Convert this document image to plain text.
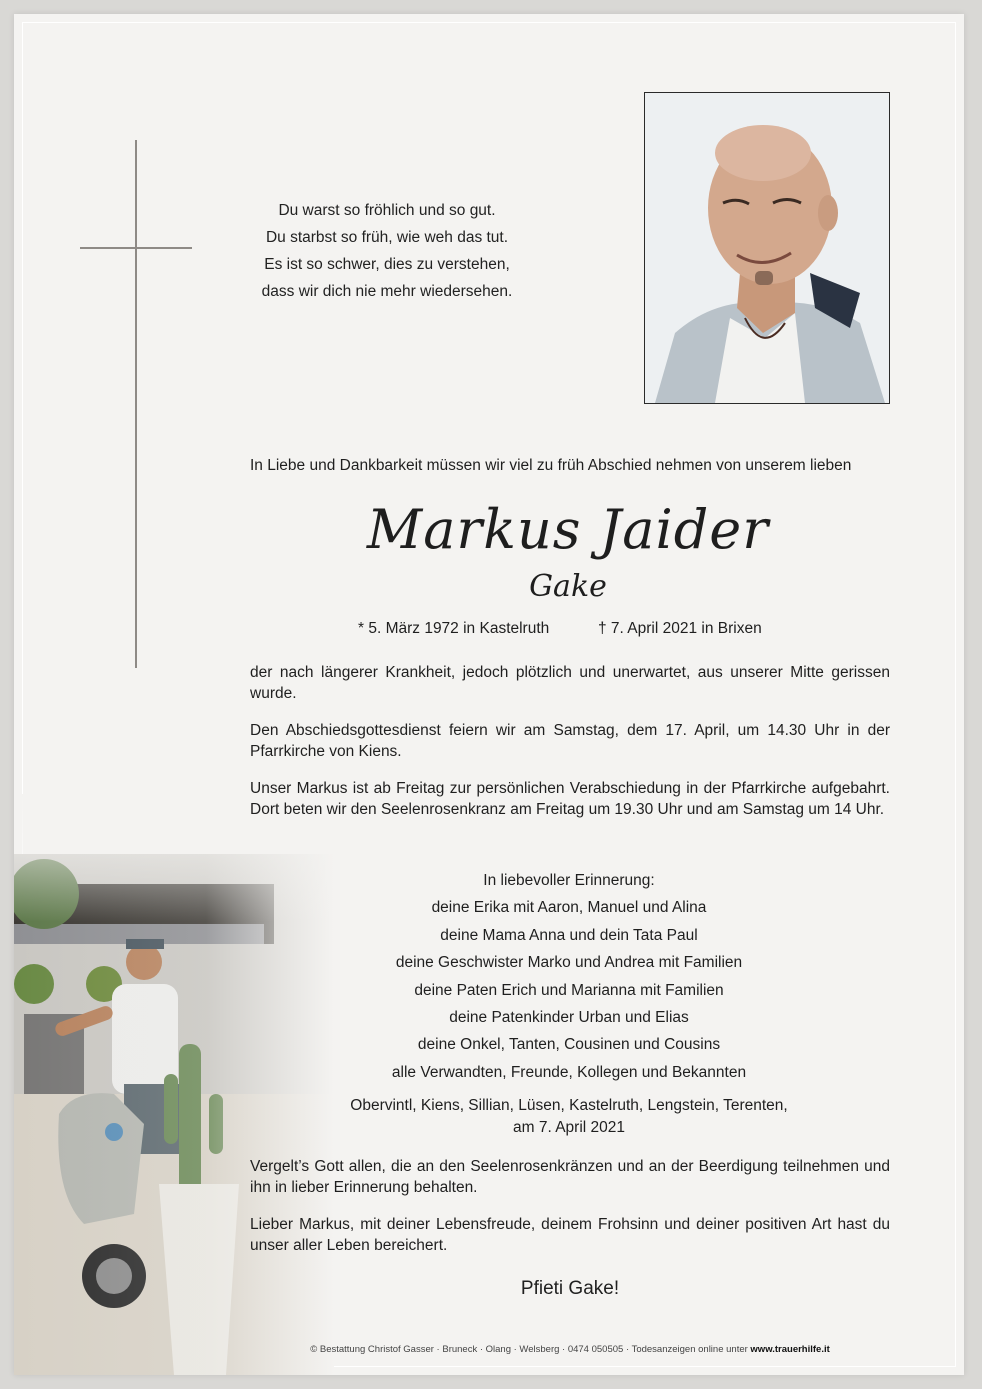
Du warst so fröhlich und so gut.
Du starbst so früh, wie weh das tut.
Es ist so schwer, dies zu verstehen,
dass wir dich nie mehr wiedersehen.
In Liebe und Dankbarkeit müssen wir viel zu früh Abschied nehmen von unserem lieben
Markus Jaider
Gake
* 5. März 1972 in Kastelruth	† 7. April 2021 in Brixen
der nach längerer Krankheit, jedoch plötzlich und unerwartet, aus unserer Mitte gerissen wurde.
Den Abschiedsgottesdienst feiern wir am Samstag, dem 17. April, um 14.30 Uhr in der Pfarrkirche von Kiens.
Unser Markus ist ab Freitag zur persönlichen Verabschiedung in der Pfarrkirche aufgebahrt. Dort beten wir den Seelenrosenkranz am Freitag um 19.30 Uhr und am Samstag um 14 Uhr.
In liebevoller Erinnerung:
deine Erika mit Aaron, Manuel und Alina
deine Mama Anna und dein Tata Paul
deine Geschwister Marko und Andrea mit Familien
deine Paten Erich und Marianna mit Familien
deine Patenkinder Urban und Elias
deine Onkel, Tanten, Cousinen und Cousins
alle Verwandten, Freunde, Kollegen und Bekannten
Obervintl, Kiens, Sillian, Lüsen, Kastelruth, Lengstein, Terenten,
am 7. April 2021
Vergelt’s Gott allen, die an den Seelenrosenkränzen und an der Beerdigung teilnehmen und ihn in lieber Erinnerung behalten.
Lieber Markus, mit deiner Lebensfreude, deinem Frohsinn und deiner positiven Art hast du unser aller Leben bereichert.
Pfieti Gake!
© Bestattung Christof Gasser · Bruneck · Olang · Welsberg · 0474 050505 · Todesanzeigen online unter www.trauerhilfe.it
